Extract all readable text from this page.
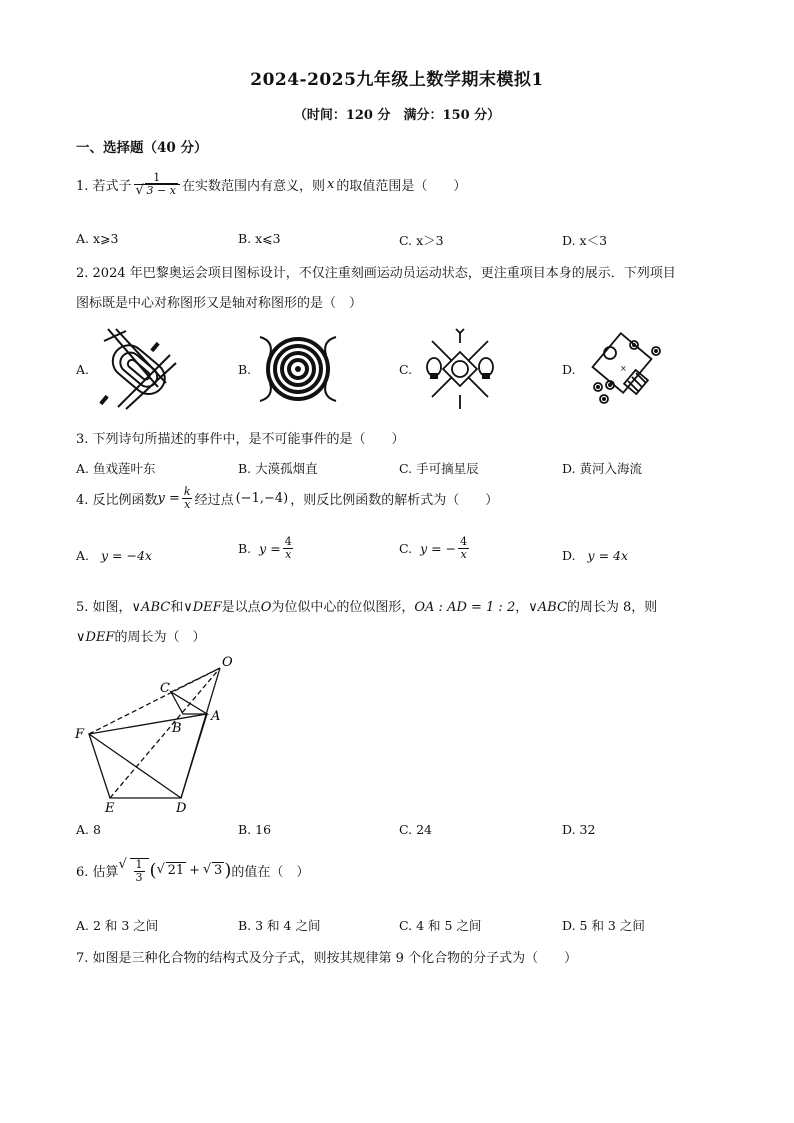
2024-2025九年级上数学期末模拟1
（时间：120 分　满分：150 分）
一、选择题（40 分）
1. 若式子 1
√ 3 − x 在实数范围内有意义，则 x 的取值范围是（　　）
A. x⩾3	B. x⩽3	C. x＞3	D. x＜3
2. 2024 年巴黎奥运会项目图标设计，不仅注重刻画运动员运动状态，更注重项目本身的展示．下列项目
图标既是中心对称图形又是轴对称图形的是（　）
A.	B.	C.	D.	×
3. 下列诗句所描述的事件中，是不可能事件的是（　　）
A. 鱼戏莲叶东	B. 大漠孤烟直	C. 手可摘星辰	D. 黄河入海流
4. 反比例函数 $y = \frac{k}{x}$ 经过点 (−1,−4) ，则反比例函数的解析式为（　　）
A. y = −4x	B. $y = \frac{4}{x}$	C. y = − $\frac{4}{x}$	D. y = 4x
5. 如图，∨ABC和∨DEF是以点O为位似中心的位似图形，OA : AD = 1 : 2，∨ABC的周长为 8，则
∨DEF的周长为（　）
O
C
A
B
F
E	D
A. 8	B. 16	C. 24	D. 32
6. 估算 √ $\frac{1}{3}$ ( √ 21 +	√ 3 ) 的值在（　）
A. 2 和 3 之间	B. 3 和 4 之间	C. 4 和 5 之间	D. 5 和 3 之间
7. 如图是三种化合物的结构式及分子式，则按其规律第 9 个化合物的分子式为（　　）
